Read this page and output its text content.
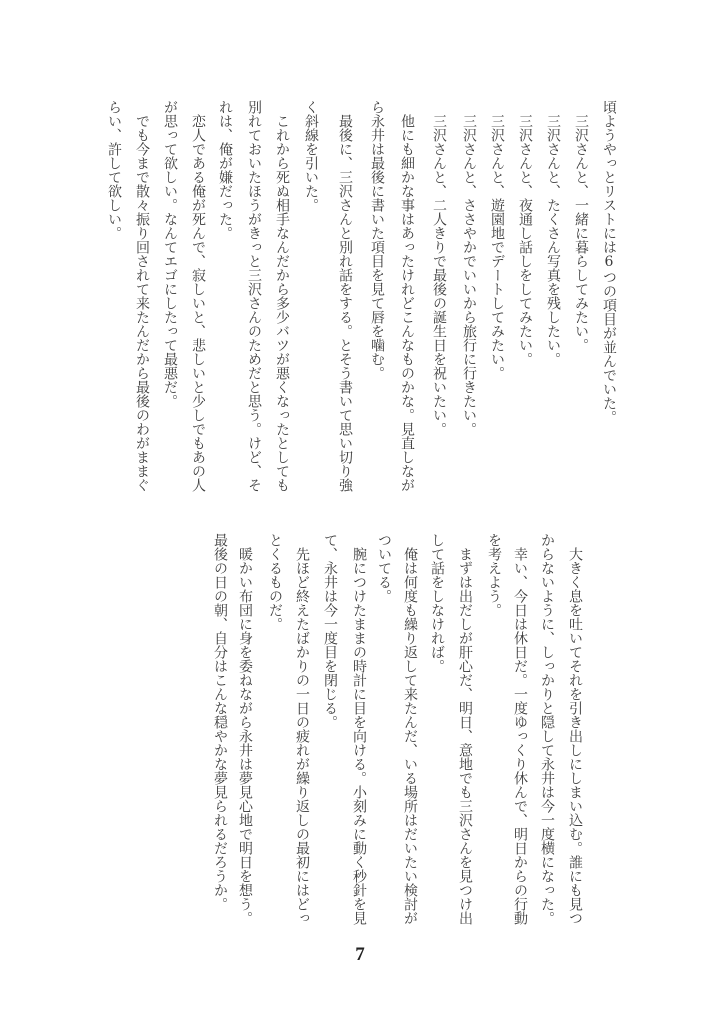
頃ようやっとリストには6つの項目が並んでいた。
　三沢さんと、一緒に暮らしてみたい。
　三沢さんと、たくさん写真を残したい。
　三沢さんと、夜通し話しをしてみたい。
　三沢さんと、遊園地でデートしてみたい。
　三沢さんと、ささやかでいいから旅行に行きたい。
　三沢さんと、二人きりで最後の誕生日を祝いたい。
　他にも細かな事はあったけれどこんなものかな。見直しなが
ら永井は最後に書いた項目を見て唇を噛む。
　最後に、三沢さんと別れ話をする。とそう書いて思い切り強
く斜線を引いた。
　これから死ぬ相手なんだから多少バツが悪くなったとしても
別れておいたほうがきっと三沢さんのためだと思う。けど、そ
れは、俺が嫌だった。
　恋人である俺が死んで、寂しいと、悲しいと少しでもあの人
が思って欲しい。なんてエゴにしたって最悪だ。
　でも今まで散々振り回されて来たんだから最後のわがままぐ
らい、許して欲しい。
　大きく息を吐いてそれを引き出しにしまい込む。誰にも見つ
からないように、しっかりと隠して永井は今一度横になった。
　幸い、今日は休日だ。一度ゆっくり休んで、明日からの行動
を考えよう。
　まずは出だしが肝心だ、明日、意地でも三沢さんを見つけ出
して話をしなければ。
　俺は何度も繰り返して来たんだ、いる場所はだいたい検討が
ついてる。
　腕につけたままの時計に目を向ける。小刻みに動く秒針を見
て、永井は今一度目を閉じる。
　先ほど終えたばかりの一日の疲れが繰り返しの最初にはどっ
とくるものだ。
　暖かい布団に身を委ねながら永井は夢見心地で明日を想う。
最後の日の朝、自分はこんな穏やかな夢見られるだろうか。
7
